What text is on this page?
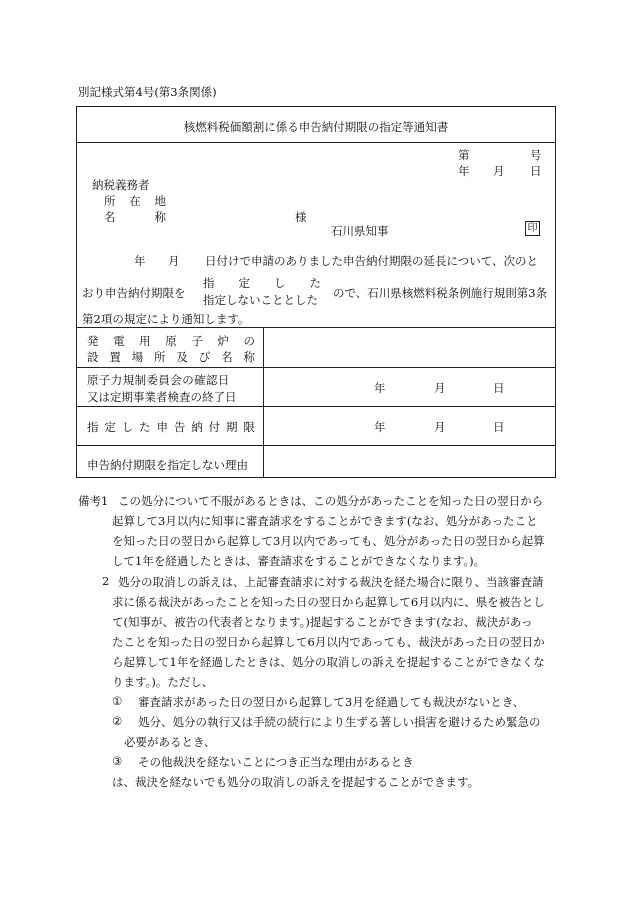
別記様式第4号(第3条関係)
核燃料税価額割に係る申告納付期限の指定等通知書
第	号
年 月 日
納税義務者
所 在 地
名	称	様
石川県知事	印
年 月 日付けで申請のありました申告納付期限の延長について、次のと
おり申告納付期限を
指 定 し た
指定しないこととした ので、石川県核燃料税条例施行規則第3条
第2項の規定により通知します。
発 電 用 原 子 炉 の
設 置 場 所 及 び 名 称
原子力規制委員会の確認日
又は定期事業者検査の終了日
年	月	日
指 定 し た 申 告 納 付 期 限	年	月	日
申告納付期限を指定しない理由
備考1 この処分について不服があるときは、この処分があったことを知った日の翌日から
起算して3月以内に知事に審査請求をすることができます(なお、処分があったこと
を知った日の翌日から起算して3月以内であっても、処分があった日の翌日から起算
して1年を経過したときは、審査請求をすることができなくなります。)。
2 処分の取消しの訴えは、上記審査請求に対する裁決を経た場合に限り、当該審査請
求に係る裁決があったことを知った日の翌日から起算して6月以内に、県を被告とし
て(知事が、被告の代表者となります。)提起することができます(なお、裁決があっ
たことを知った日の翌日から起算して6月以内であっても、裁決があった日の翌日か
ら起算して1年を経過したときは、処分の取消しの訴えを提起することができなくな
ります。)。ただし、
① 審査請求があった日の翌日から起算して3月を経過しても裁決がないとき、
② 処分、処分の執行又は手続の続行により生ずる著しい損害を避けるため緊急の
必要があるとき、
③ その他裁決を経ないことにつき正当な理由があるとき
は、裁決を経ないでも処分の取消しの訴えを提起することができます。
